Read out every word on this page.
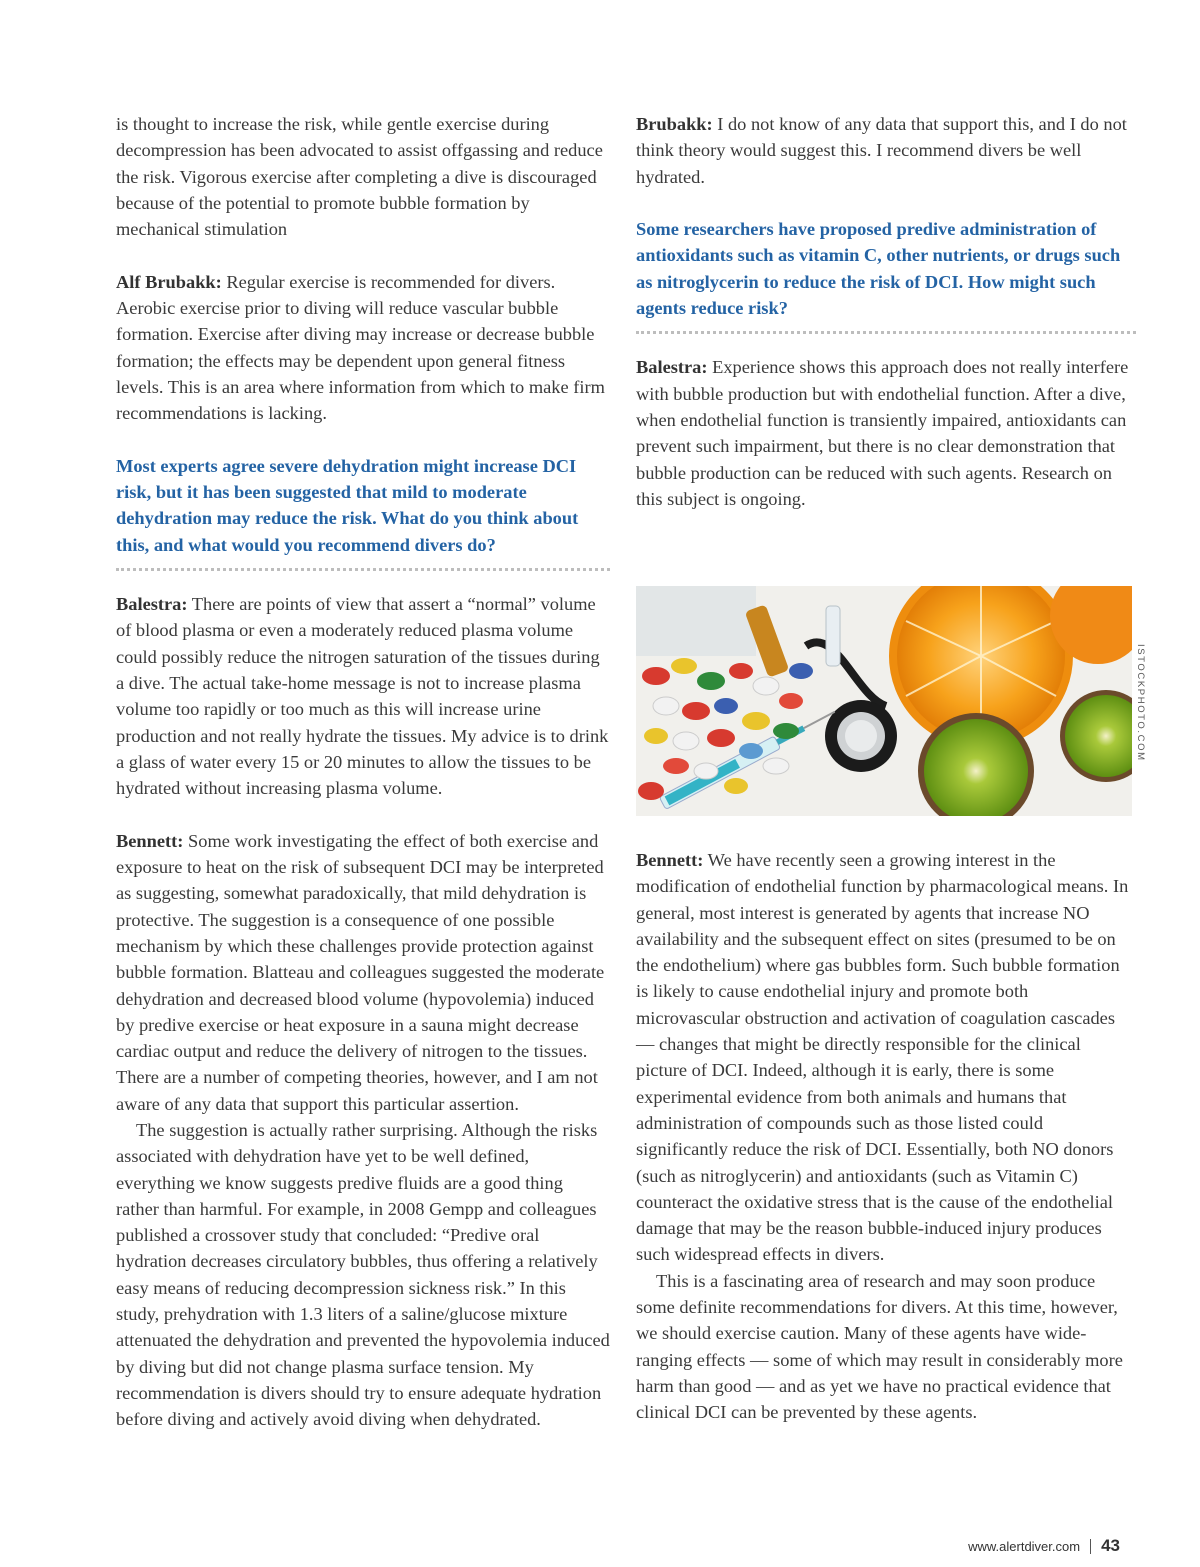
is thought to increase the risk, while gentle exercise during decompression has been advocated to assist offgassing and reduce the risk. Vigorous exercise after completing a dive is discouraged because of the potential to promote bubble formation by mechanical stimulation

Alf Brubakk: Regular exercise is recommended for divers. Aerobic exercise prior to diving will reduce vascular bubble formation. Exercise after diving may increase or decrease bubble formation; the effects may be dependent upon general fitness levels. This is an area where information from which to make firm recommendations is lacking.

Most experts agree severe dehydration might increase DCI risk, but it has been suggested that mild to moderate dehydration may reduce the risk. What do you think about this, and what would you recommend divers do?

Balestra: There are points of view that assert a “normal” volume of blood plasma or even a moderately reduced plasma volume could possibly reduce the nitrogen saturation of the tissues during a dive. The actual take-home message is not to increase plasma volume too rapidly or too much as this will increase urine production and not really hydrate the tissues. My advice is to drink a glass of water every 15 or 20 minutes to allow the tissues to be hydrated without increasing plasma volume.

Bennett: Some work investigating the effect of both exercise and exposure to heat on the risk of subsequent DCI may be interpreted as suggesting, somewhat paradoxically, that mild dehydration is protective. The suggestion is a consequence of one possible mechanism by which these challenges provide protection against bubble formation. Blatteau and colleagues suggested the moderate dehydration and decreased blood volume (hypovolemia) induced by predive exercise or heat exposure in a sauna might decrease cardiac output and reduce the delivery of nitrogen to the tissues. There are a number of competing theories, however, and I am not aware of any data that support this particular assertion.

The suggestion is actually rather surprising. Although the risks associated with dehydration have yet to be well defined, everything we know suggests predive fluids are a good thing rather than harmful. For example, in 2008 Gempp and colleagues published a crossover study that concluded: “Predive oral hydration decreases circulatory bubbles, thus offering a relatively easy means of reducing decompression sickness risk.” In this study, prehydration with 1.3 liters of a saline/glucose mixture attenuated the dehydration and prevented the hypovolemia induced by diving but did not change plasma surface tension. My recommendation is divers should try to ensure adequate hydration before diving and actively avoid diving when dehydrated.

Brubakk: I do not know of any data that support this, and I do not think theory would suggest this. I recommend divers be well hydrated.

Some researchers have proposed predive administration of antioxidants such as vitamin C, other nutrients, or drugs such as nitroglycerin to reduce the risk of DCI. How might such agents reduce risk?

Balestra: Experience shows this approach does not really interfere with bubble production but with endothelial function. After a dive, when endothelial function is transiently impaired, antioxidants can prevent such impairment, but there is no clear demonstration that bubble production can be reduced with such agents. Research on this subject is ongoing.

ISTOCKPHOTO.COM

Bennett: We have recently seen a growing interest in the modification of endothelial function by pharmacological means. In general, most interest is generated by agents that increase NO availability and the subsequent effect on sites (presumed to be on the endothelium) where gas bubbles form. Such bubble formation is likely to cause endothelial injury and promote both microvascular obstruction and activation of coagulation cascades — changes that might be directly responsible for the clinical picture of DCI. Indeed, although it is early, there is some experimental evidence from both animals and humans that administration of compounds such as those listed could significantly reduce the risk of DCI. Essentially, both NO donors (such as nitroglycerin) and antioxidants (such as Vitamin C) counteract the oxidative stress that is the cause of the endothelial damage that may be the reason bubble-induced injury produces such widespread effects in divers.

This is a fascinating area of research and may soon produce some definite recommendations for divers. At this time, however, we should exercise caution. Many of these agents have wide-ranging effects — some of which may result in considerably more harm than good — and as yet we have no practical evidence that clinical DCI can be prevented by these agents.

www.alertdiver.com 43
